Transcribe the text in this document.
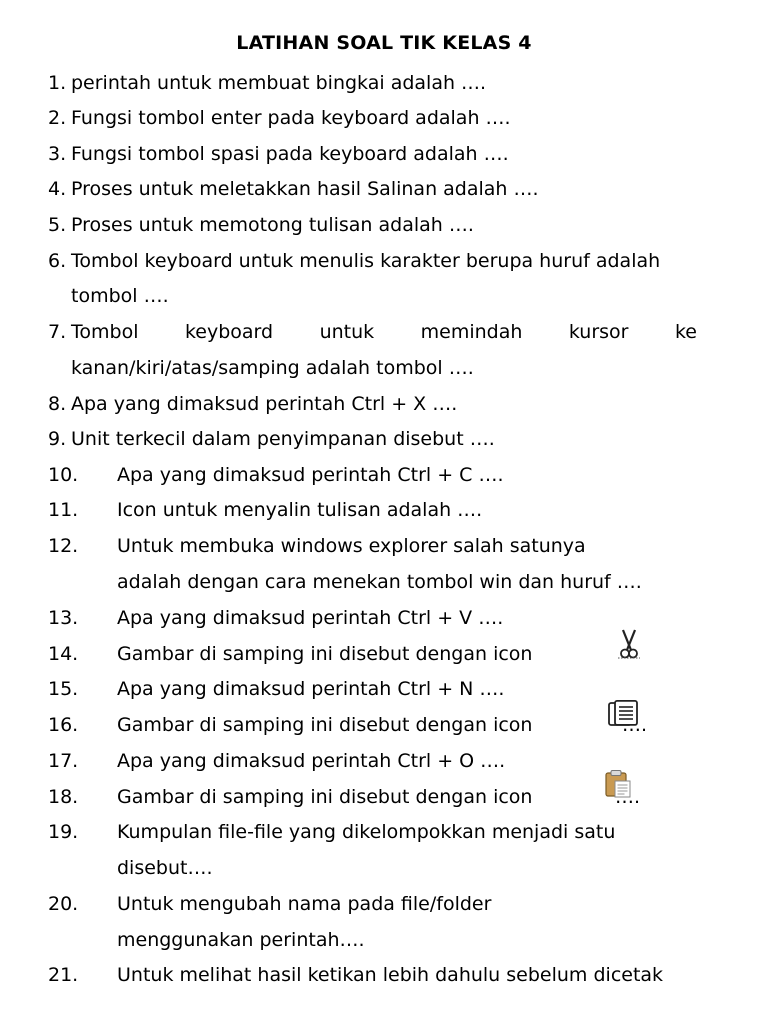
LATIHAN SOAL TIK KELAS 4
1. perintah untuk membuat bingkai adalah ….
2. Fungsi tombol enter pada keyboard adalah ….
3. Fungsi tombol spasi pada keyboard adalah ….
4. Proses untuk meletakkan hasil Salinan adalah ….
5. Proses untuk memotong tulisan adalah ….
6. Tombol keyboard untuk menulis karakter berupa huruf adalah
tombol ….
7. Tombol keyboard untuk memindah kursor ke
kanan/kiri/atas/samping adalah tombol ….
8. Apa yang dimaksud perintah Ctrl + X ….
9. Unit terkecil dalam penyimpanan disebut ….
10. Apa yang dimaksud perintah Ctrl + C ….
11. Icon untuk menyalin tulisan adalah ….
12. Untuk membuka windows explorer salah satunya
adalah dengan cara menekan tombol win dan huruf ….
13. Apa yang dimaksud perintah Ctrl + V ….
14. Gambar di samping ini disebut dengan icon
15. Apa yang dimaksud perintah Ctrl + N ….
16. Gambar di samping ini disebut dengan icon	….
17. Apa yang dimaksud perintah Ctrl + O ….
18. Gambar di samping ini disebut dengan icon	….
19. Kumpulan file-file yang dikelompokkan menjadi satu
disebut….
20. Untuk mengubah nama pada file/folder
menggunakan perintah….
21. Untuk melihat hasil ketikan lebih dahulu sebelum dicetak
